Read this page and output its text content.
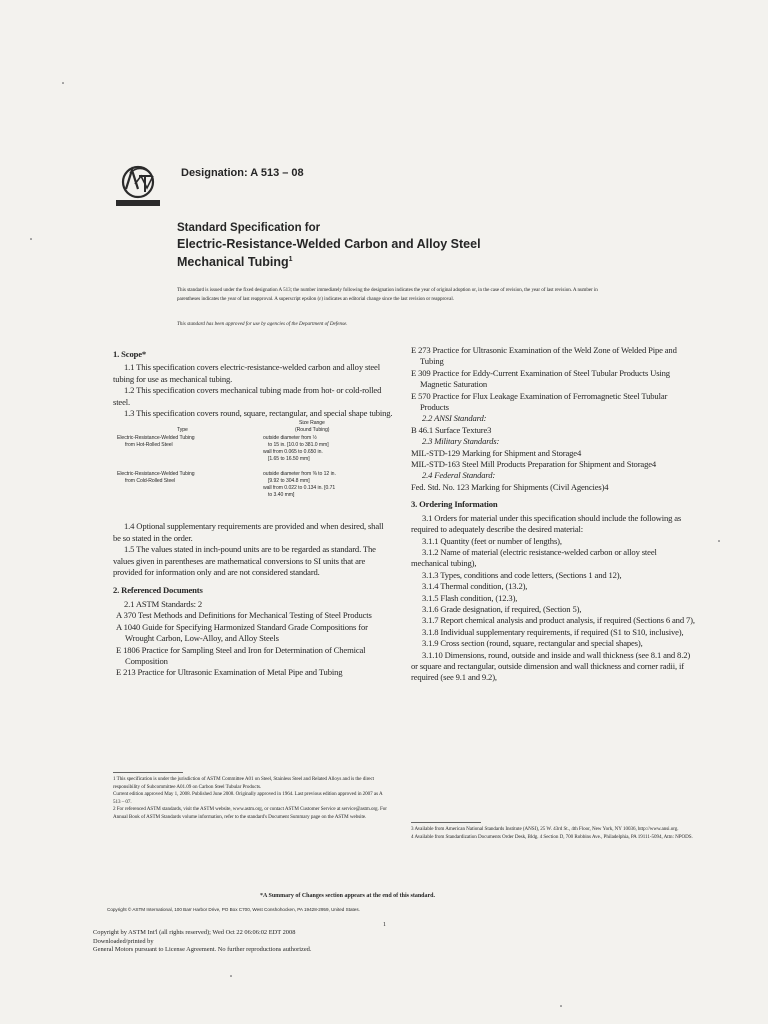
Designation: A 513 – 08
Standard Specification for
Electric-Resistance-Welded Carbon and Alloy Steel
Mechanical Tubing$^1$
This standard is issued under the fixed designation A 513; the number immediately following the designation indicates the year of original adoption or, in the case of revision, the year of last revision. A number in parentheses indicates the year of last reapproval. A superscript epsilon (ε) indicates an editorial change since the last revision or reapproval.
This standard has been approved for use by agencies of the Department of Defense.

1. Scope*

1.1 This specification covers electric-resistance-welded carbon and alloy steel tubing for use as mechanical tubing.

1.2 This specification covers mechanical tubing made from hot- or cold-rolled steel.

1.3 This specification covers round, square, rectangular, and special shape tubing.

Type
Size Range
(Round Tubing)
Electric-Resistance-Welded Tubing
from Hot-Rolled Steel
outside diameter from ½
to 15 in. [10.0 to 381.0 mm]
wall from 0.065 to 0.650 in.
[1.65 to 16.50 mm]
Electric-Resistance-Welded Tubing
from Cold-Rolled Steel
outside diameter from ⅜ to 12 in.
[9.92 to 304.8 mm]
wall from 0.022 to 0.134 in. [0.71
to 3.40 mm]

1.4 Optional supplementary requirements are provided and when desired, shall be so stated in the order.

1.5 The values stated in inch-pound units are to be regarded as standard. The values given in parentheses are mathematical conversions to SI units that are provided for information only and are not considered standard.

2. Referenced Documents

2.1 ASTM Standards: 2

A 370 Test Methods and Definitions for Mechanical Testing of Steel Products

A 1040 Guide for Specifying Harmonized Standard Grade Compositions for Wrought Carbon, Low-Alloy, and Alloy Steels

E 1806 Practice for Sampling Steel and Iron for Determination of Chemical Composition

E 213 Practice for Ultrasonic Examination of Metal Pipe and Tubing

E 273 Practice for Ultrasonic Examination of the Weld Zone of Welded Pipe and Tubing

E 309 Practice for Eddy-Current Examination of Steel Tubular Products Using Magnetic Saturation

E 570 Practice for Flux Leakage Examination of Ferromagnetic Steel Tubular Products

2.2 ANSI Standard:

B 46.1 Surface Texture3

2.3 Military Standards:

MIL-STD-129 Marking for Shipment and Storage4

MIL-STD-163 Steel Mill Products Preparation for Shipment and Storage4

2.4 Federal Standard:

Fed. Std. No. 123 Marking for Shipments (Civil Agencies)4

3. Ordering Information

3.1 Orders for material under this specification should include the following as required to adequately describe the desired material:

3.1.1 Quantity (feet or number of lengths),

3.1.2 Name of material (electric resistance-welded carbon or alloy steel mechanical tubing),

3.1.3 Types, conditions and code letters, (Sections 1 and 12),

3.1.4 Thermal condition, (13.2),

3.1.5 Flash condition, (12.3),

3.1.6 Grade designation, if required, (Section 5),

3.1.7 Report chemical analysis and product analysis, if required (Sections 6 and 7),

3.1.8 Individual supplementary requirements, if required (S1 to S10, inclusive),

3.1.9 Cross section (round, square, rectangular and special shapes),

3.1.10 Dimensions, round, outside and inside and wall thickness (see 8.1 and 8.2) or square and rectangular, outside dimension and wall thickness and corner radii, if required (see 9.1 and 9.2),

1 This specification is under the jurisdiction of ASTM Committee A01 on Steel, Stainless Steel and Related Alloys and is the direct responsibility of Subcommittee A01.09 on Carbon Steel Tubular Products.
Current edition approved May 1, 2008. Published June 2008. Originally approved in 1964. Last previous edition approved in 2007 as A 513 – 07.
2 For referenced ASTM standards, visit the ASTM website, www.astm.org, or contact ASTM Customer Service at service@astm.org. For Annual Book of ASTM Standards volume information, refer to the standard's Document Summary page on the ASTM website.
3 Available from American National Standards Institute (ANSI), 25 W. 43rd St., 4th Floor, New York, NY 10036, http://www.ansi.org.
4 Available from Standardization Documents Order Desk, Bldg. 4 Section D, 700 Robbins Ave., Philadelphia, PA 19111-5094, Attn: NPODS.
*A Summary of Changes section appears at the end of this standard.
Copyright © ASTM International, 100 Barr Harbor Drive, PO Box C700, West Conshohocken, PA 19428-2959, United States.
1
Copyright by ASTM Int'l (all rights reserved); Wed Oct 22 06:06:02 EDT 2008
Downloaded/printed by
General Motors pursuant to License Agreement. No further reproductions authorized.
